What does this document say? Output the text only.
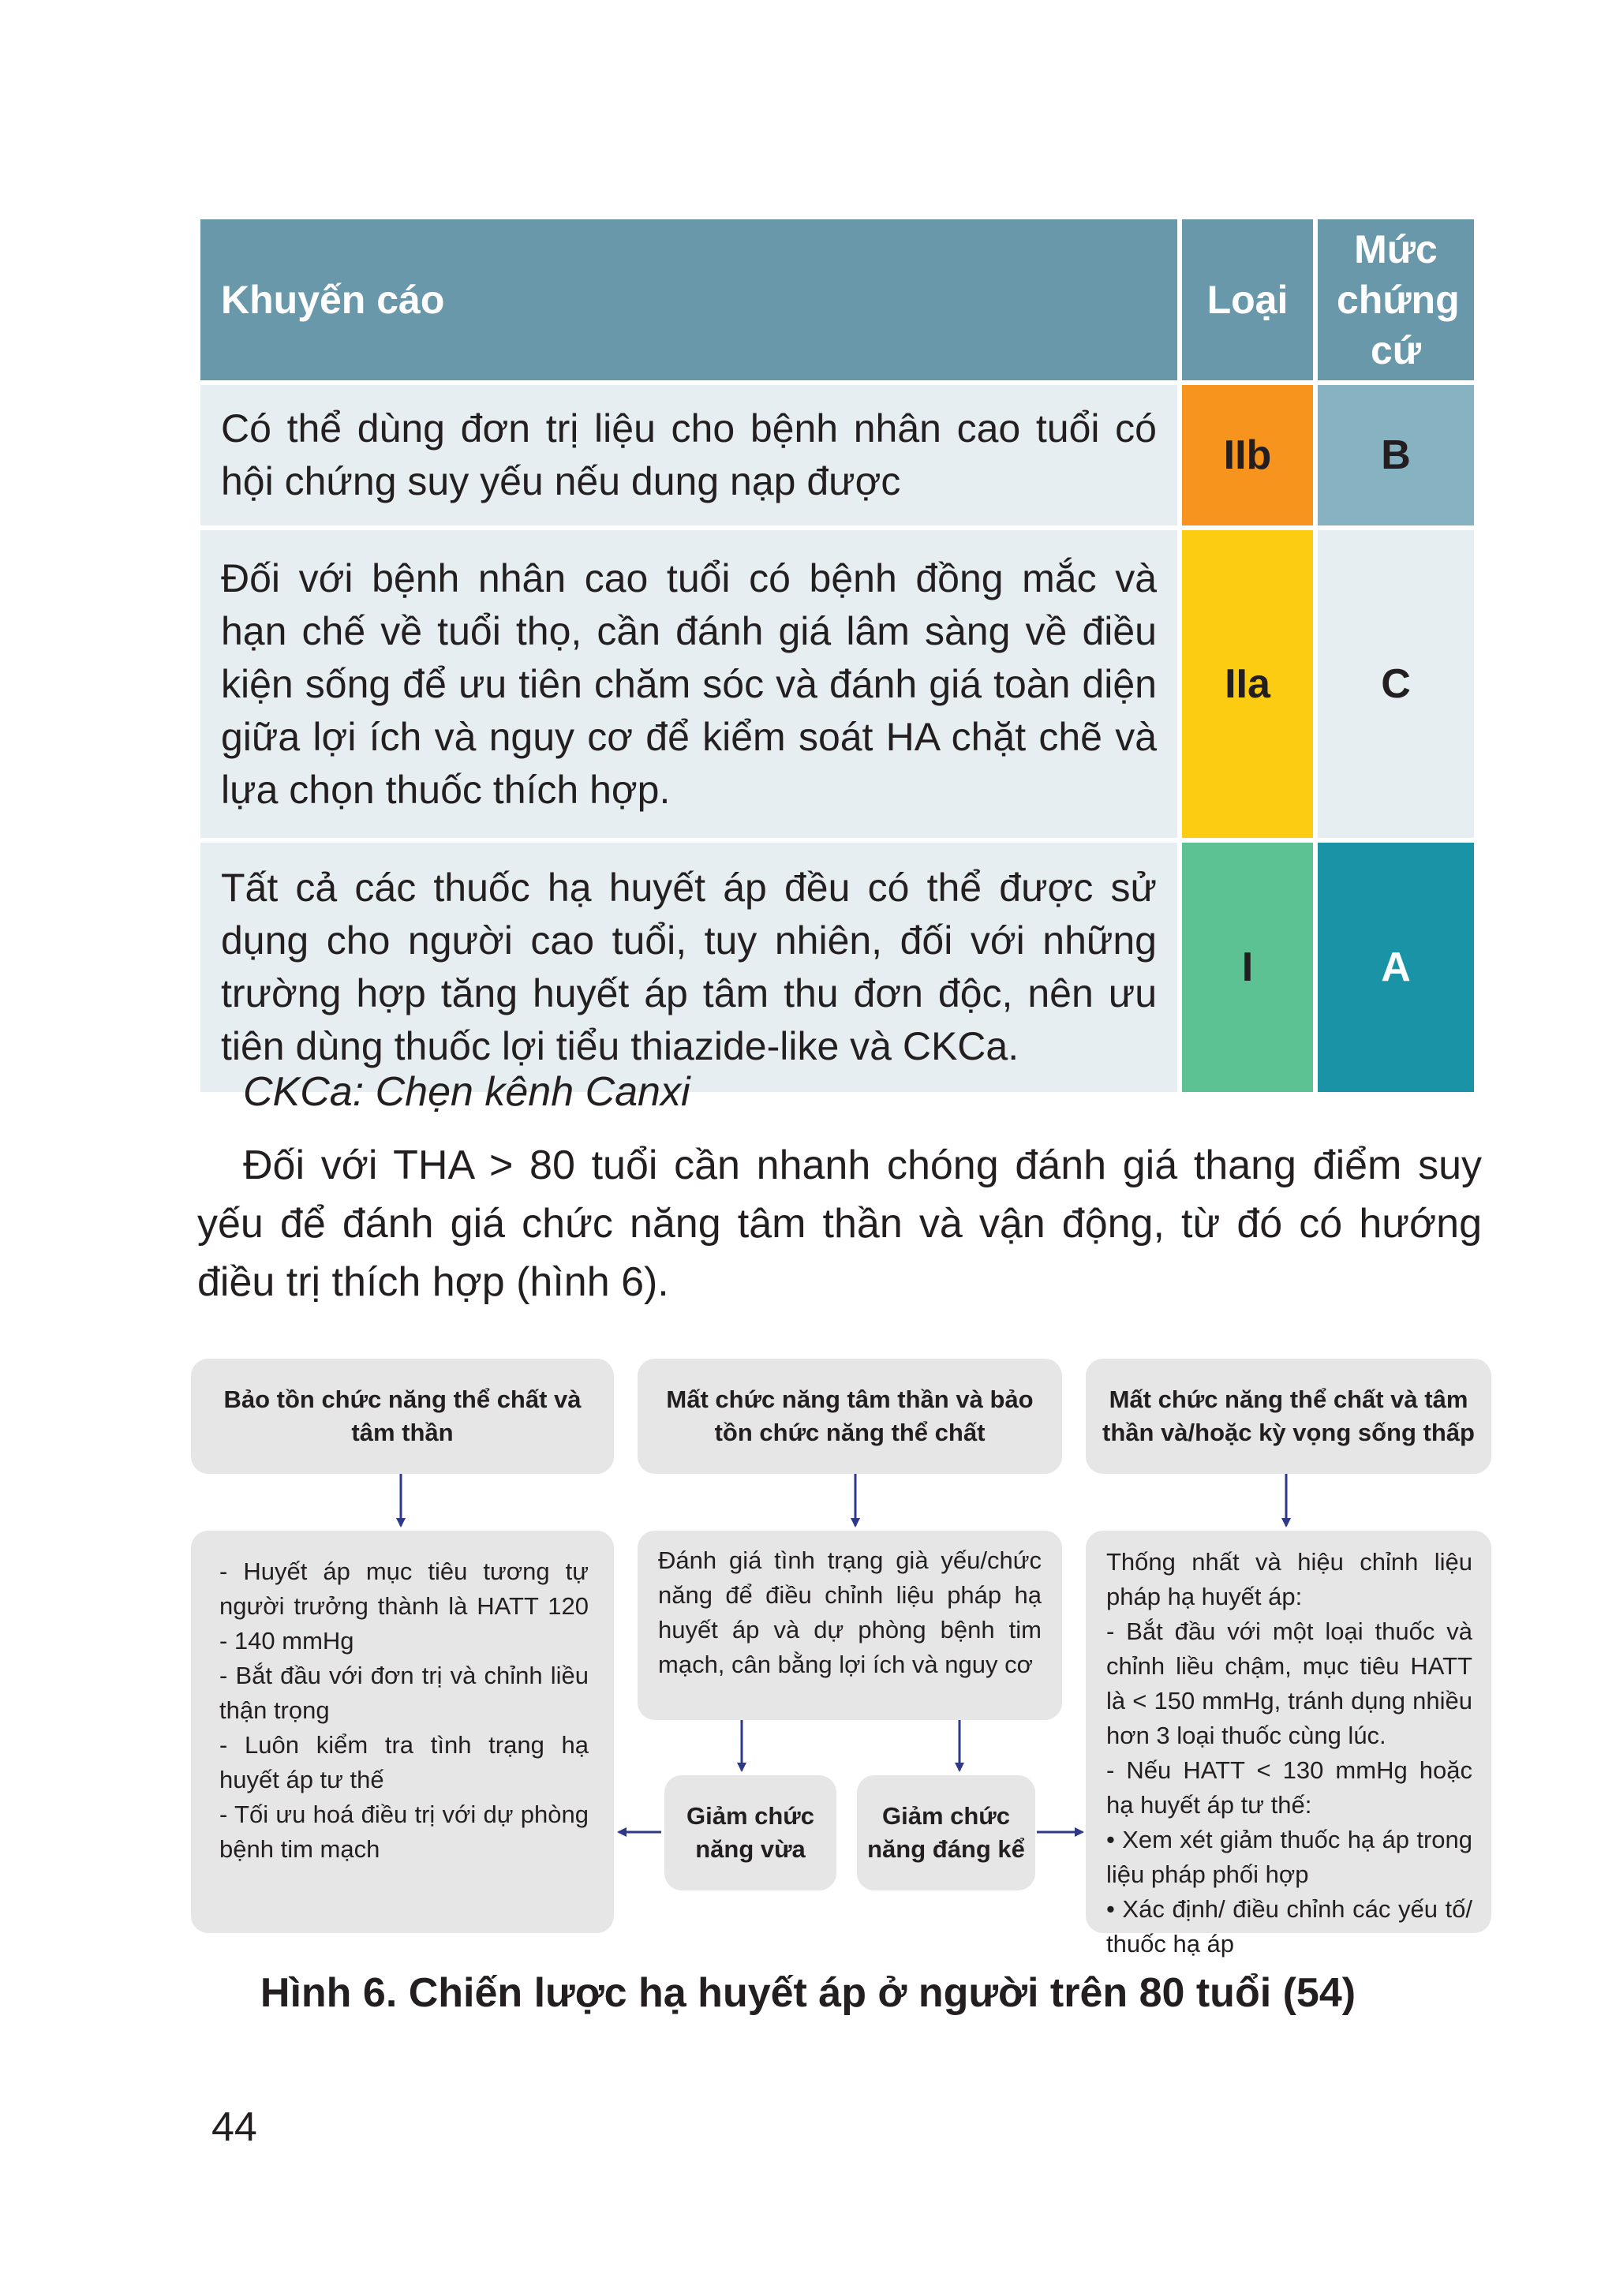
Khuyến cáo	Loại	Mức chứng cứ

Có thể dùng đơn trị liệu cho bệnh nhân cao tuổi có hội chứng suy yếu nếu dung nạp được	IIb	B
Đối với bệnh nhân cao tuổi có bệnh đồng mắc và hạn chế về tuổi thọ, cần đánh giá lâm sàng về điều kiện sống để ưu tiên chăm sóc và đánh giá toàn diện giữa lợi ích và nguy cơ để kiểm soát HA chặt chẽ và lựa chọn thuốc thích hợp.	IIa	C
Tất cả các thuốc hạ huyết áp đều có thể được sử dụng cho người cao tuổi, tuy nhiên, đối với những trường hợp tăng huyết áp tâm thu đơn độc, nên ưu tiên dùng thuốc lợi tiểu thiazide-like và CKCa.	I	A
CKCa: Chẹn kênh Canxi
Đối với THA > 80 tuổi cần nhanh chóng đánh giá thang điểm suy yếu để đánh giá chức năng tâm thần và vận động, từ đó có hướng điều trị thích hợp (hình 6).
Bảo tồn chức năng thể chất và tâm thần
Mất chức năng tâm thần và bảo tồn chức năng thể chất
Mất chức năng thể chất và tâm thần và/hoặc kỳ vọng sống thấp

- Huyết áp mục tiêu tương tự người trưởng thành là HATT 120 - 140 mmHg

- Bắt đầu với đơn trị và chỉnh liều thận trọng

- Luôn kiểm tra tình trạng hạ huyết áp tư thế

- Tối ưu hoá điều trị với dự phòng bệnh tim mạch

Đánh giá tình trạng già yếu/chức năng để điều chỉnh liệu pháp hạ huyết áp và dự phòng bệnh tim mạch, cân bằng lợi ích và nguy cơ
Giảm chức năng vừa
Giảm chức năng đáng kể

Thống nhất và hiệu chỉnh liệu pháp hạ huyết áp:

- Bắt đầu với một loại thuốc và chỉnh liều chậm, mục tiêu HATT là < 150 mmHg, tránh dụng nhiều hơn 3 loại thuốc cùng lúc.

- Nếu HATT < 130 mmHg hoặc hạ huyết áp tư thế:

• Xem xét giảm thuốc hạ áp trong liệu pháp phối hợp

• Xác định/ điều chỉnh các yếu tố/ thuốc hạ áp

Hình 6. Chiến lược hạ huyết áp ở người trên 80 tuổi (54)
44
